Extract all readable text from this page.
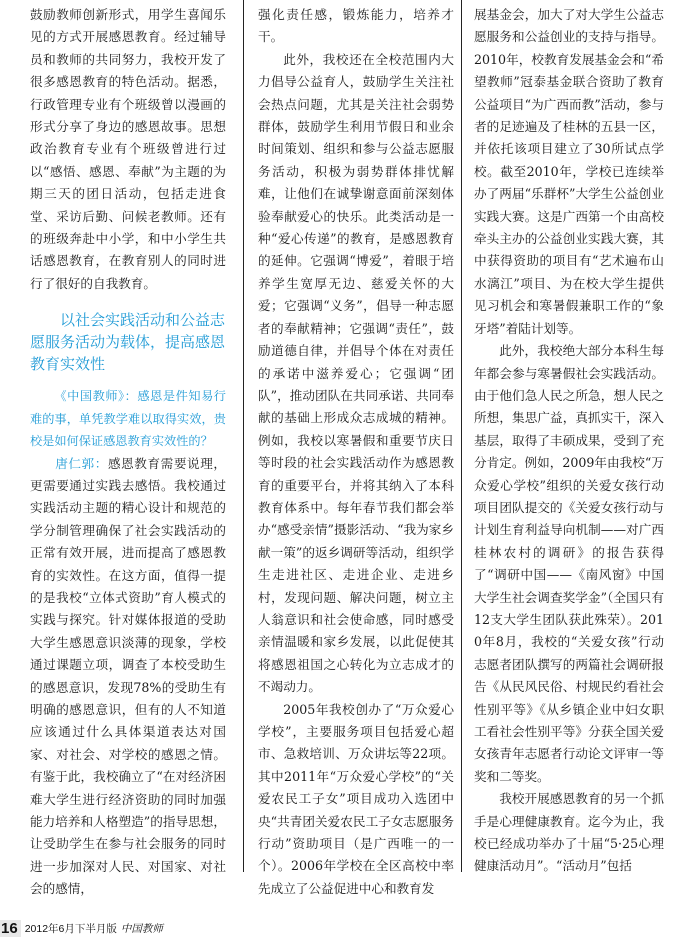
鼓励教师创新形式，用学生喜闻乐见的方式开展感恩教育。经过辅导员和教师的共同努力，我校开发了很多感恩教育的特色活动。据悉，行政管理专业有个班级曾以漫画的形式分享了身边的感恩故事。思想政治教育专业有个班级曾进行过以“感悟、感恩、奉献”为主题的为期三天的团日活动，包括走进食堂、采访后勤、问候老教师。还有的班级奔赴中小学，和中小学生共话感恩教育，在教育别人的同时进行了很好的自我教育。

以社会实践活动和公益志愿服务活动为载体，提高感恩教育实效性

《中国教师》：感恩是件知易行难的事，单凭教学难以取得实效，贵校是如何保证感恩教育实效性的？

唐仁郭：感恩教育需要说理，更需要通过实践去感悟。我校通过实践活动主题的精心设计和规范的学分制管理确保了社会实践活动的正常有效开展，进而提高了感恩教育的实效性。在这方面，值得一提的是我校“立体式资助”育人模式的实践与探究。针对媒体报道的受助大学生感恩意识淡薄的现象，学校通过课题立项，调查了本校受助生的感恩意识，发现78%的受助生有明确的感恩意识，但有的人不知道应该通过什么具体渠道表达对国家、对社会、对学校的感恩之情。有鉴于此，我校确立了“在对经济困难大学生进行经济资助的同时加强能力培养和人格塑造”的指导思想，让受助学生在参与社会服务的同时进一步加深对人民、对国家、对社会的感情，

强化责任感，锻炼能力，培养才干。

此外，我校还在全校范围内大力倡导公益育人，鼓励学生关注社会热点问题，尤其是关注社会弱势群体，鼓励学生利用节假日和业余时间策划、组织和参与公益志愿服务活动，积极为弱势群体排忧解难，让他们在诚挚谢意面前深刻体验奉献爱心的快乐。此类活动是一种“爱心传递”的教育，是感恩教育的延伸。它强调“博爱”，着眼于培养学生宽厚无边、慈爱关怀的大爱；它强调“义务”，倡导一种志愿者的奉献精神；它强调“责任”，鼓励道德自律，并倡导个体在对责任的承诺中滋养爱心；它强调“团队”，推动团队在共同承诺、共同奉献的基础上形成众志成城的精神。例如，我校以寒暑假和重要节庆日等时段的社会实践活动作为感恩教育的重要平台，并将其纳入了本科教育体系中。每年春节我们都会举办“感受亲情”摄影活动、“我为家乡献一策”的返乡调研等活动，组织学生走进社区、走进企业、走进乡村，发现问题、解决问题，树立主人翁意识和社会使命感，同时感受亲情温暖和家乡发展，以此促使其将感恩祖国之心转化为立志成才的不竭动力。

2005年我校创办了“万众爱心学校”，主要服务项目包括爱心超市、急救培训、万众讲坛等22项。其中2011年“万众爱心学校”的“关爱农民工子女”项目成功入选团中央“共青团关爱农民工子女志愿服务行动”资助项目（是广西唯一的一个）。2006年学校在全区高校中率先成立了公益促进中心和教育发

展基金会，加大了对大学生公益志愿服务和公益创业的支持与指导。2010年，校教育发展基金会和“希望教师”冠泰基金联合资助了教育公益项目“为广西而教”活动，参与者的足迹遍及了桂林的五县一区，并依托该项目建立了30所试点学校。截至2010年，学校已连续举办了两届“乐群杯”大学生公益创业实践大赛。这是广西第一个由高校牵头主办的公益创业实践大赛，其中获得资助的项目有“艺术遍布山水漓江”项目、为在校大学生提供见习机会和寒暑假兼职工作的“象牙塔”着陆计划等。

此外，我校绝大部分本科生每年都会参与寒暑假社会实践活动。由于他们急人民之所急，想人民之所想，集思广益，真抓实干，深入基层，取得了丰硕成果，受到了充分肯定。例如，2009年由我校“万众爱心学校”组织的关爱女孩行动项目团队提交的《关爱女孩行动与计划生育利益导向机制——对广西桂林农村的调研》的报告获得了“调研中国——《南风窗》中国大学生社会调查奖学金”（全国只有12支大学生团队获此殊荣）。2010年8月，我校的“关爱女孩”行动志愿者团队撰写的两篇社会调研报告《从民风民俗、村规民约看社会性别平等》《从乡镇企业中妇女职工看社会性别平等》分获全国关爱女孩青年志愿者行动论文评审一等奖和二等奖。

我校开展感恩教育的另一个抓手是心理健康教育。迄今为止，我校已经成功举办了十届“5·25心理健康活动月”。“活动月”包括

16 2012年6月下半月版 中国教师
